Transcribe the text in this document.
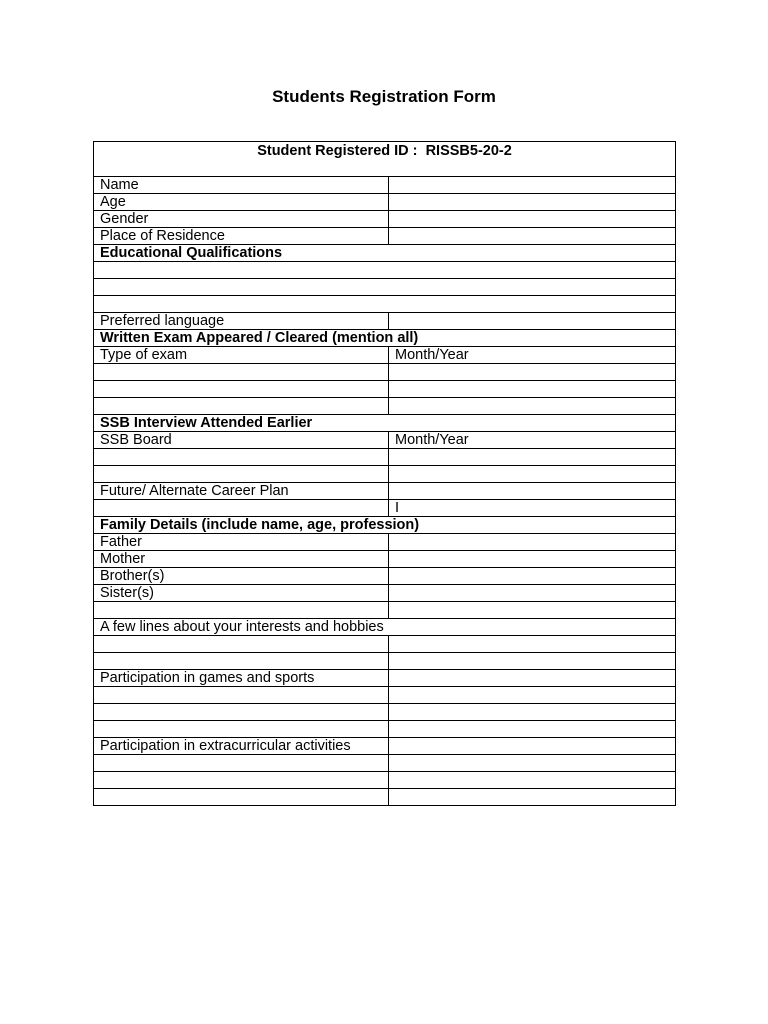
Students Registration Form
Student Registered ID : RISSB5-20-2	
Name	
Age	
Gender	
Place of Residence	
Educational Qualifications	

Preferred language	
Written Exam Appeared / Cleared (mention all)	
Type of exam	Month/Year

SSB Interview Attended Earlier	
SSB Board	Month/Year

Future/ Alternate Career Plan	
	I
Family Details (include name, age, profession)	
Father	
Mother	
Brother(s)	
Sister(s)	

A few lines about your interests and hobbies	

Participation in games and sports	

Participation in extracurricular activities	
